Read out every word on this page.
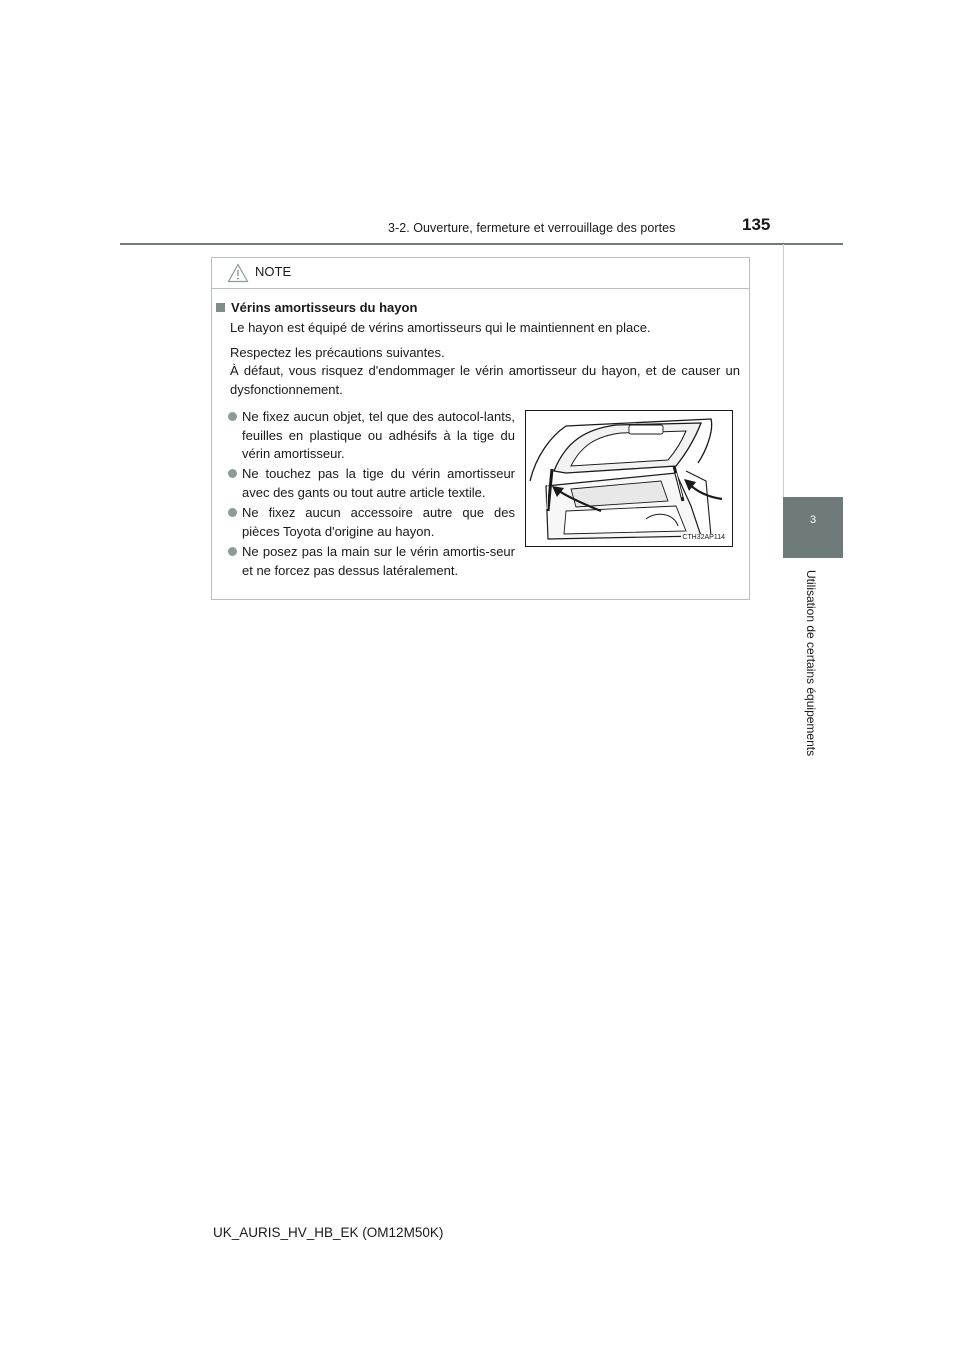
3-2. Ouverture, fermeture et verrouillage des portes	135
3
Utilisation de certains équipements
NOTE
Vérins amortisseurs du hayon
Le hayon est équipé de vérins amortisseurs qui le maintiennent en place.
Respectez les précautions suivantes.
À défaut, vous risquez d'endommager le vérin amortisseur du hayon, et de causer un dysfonctionnement.
Ne fixez aucun objet, tel que des autocol-lants, feuilles en plastique ou adhésifs à la tige du vérin amortisseur.
Ne touchez pas la tige du vérin amortisseur avec des gants ou tout autre article textile.
Ne fixez aucun accessoire autre que des pièces Toyota d'origine au hayon.
Ne posez pas la main sur le vérin amortis-seur et ne forcez pas dessus latéralement.
CTH32AP114
UK_AURIS_HV_HB_EK (OM12M50K)
